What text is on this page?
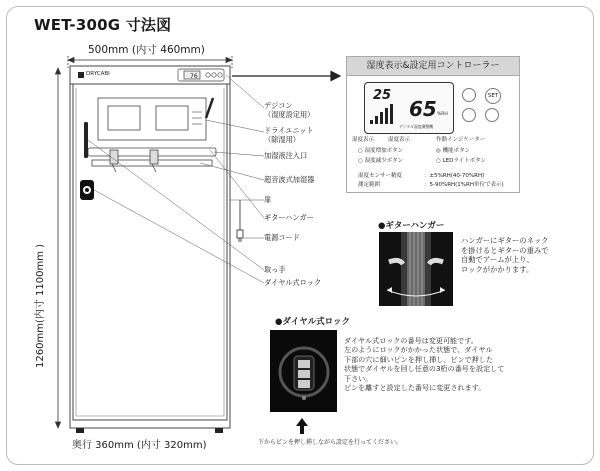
WET-300G 寸法図
500mm (内寸 460mm)
奥行 360mm (内寸 320mm)
1260mm(内寸 1100mm )
76
デジコン
（湿度設定用）
ドライユニット
（除湿用）
加湿液注入口
超音波式加湿器
扉
ギターハンガー
電源コード
取っ手
ダイヤル式ロック
DRYCABI
湿度表示&設定用コントローラー
25
65 %RH
デジタル湿度調整機
SET
湿度表示	湿度表示	作動インジケーター
○ 湿度増加ボタン
○ 湿度減少ボタン
◎ 機能ボタン
○ LEDライトボタン
湿度センサー精度	：±5%RH(40-70%RH)
測定範囲	：5-90%RH(1%RH単位で表示)
●ギターハンガー
ハンガーにギターのネック
を掛けるとギターの重みで
自動でアームが上り、
ロックがかかります。
●ダイヤル式ロック
ダイヤル式ロックの番号は変更可能です。
左のようにロックがかかった状態で、ダイヤル
下部の穴に細いピンを押し挿し、ピンで押した
状態でダイヤルを回し任意の3桁の番号を設定して
下さい。
ピンを離すと設定した番号に変更されます。
下からピンを押し挿しながら設定を行ってください。
